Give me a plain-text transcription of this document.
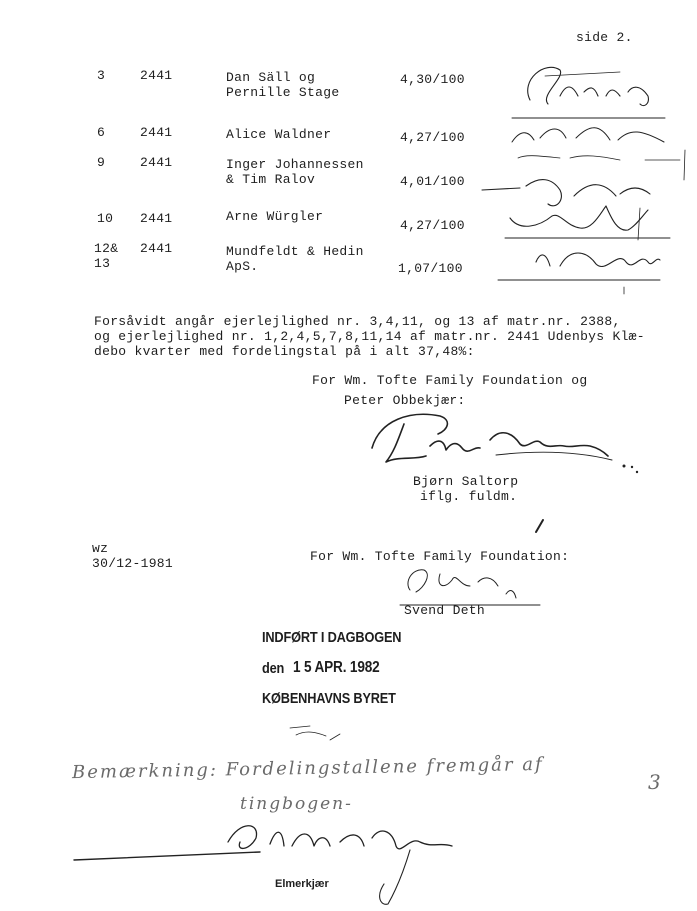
side 2.
3	2441	Dan Säll og
Pernille Stage
4,30/100
6	2441	Alice Waldner	4,27/100
9	2441	Inger Johannessen
& Tim Ralov	4,01/100
10 2441	Arne Würgler
4,27/100
12&
13
2441	Mundfeldt & Hedin
ApS.	1,07/100
Forsåvidt angår ejerlejlighed nr. 3,4,11, og 13 af matr.nr. 2388,
og ejerlejlighed nr. 1,2,4,5,7,8,11,14 af matr.nr. 2441 Udenbys Klæ-
debo kvarter med fordelingstal på i alt 37,48%:
For Wm. Tofte Family Foundation og
Peter Obbekjær:
Bjørn Saltorp
iflg. fuldm.
wz
30/12-1981	For Wm. Tofte Family Foundation:
Svend Deth
INDFØRT I DAGBOGEN
den 1 5 APR. 1982
KØBENHAVNS BYRET
Bemærkning: Fordelingstallene fremgår af
tingbogen-
3
Elmerkjær
